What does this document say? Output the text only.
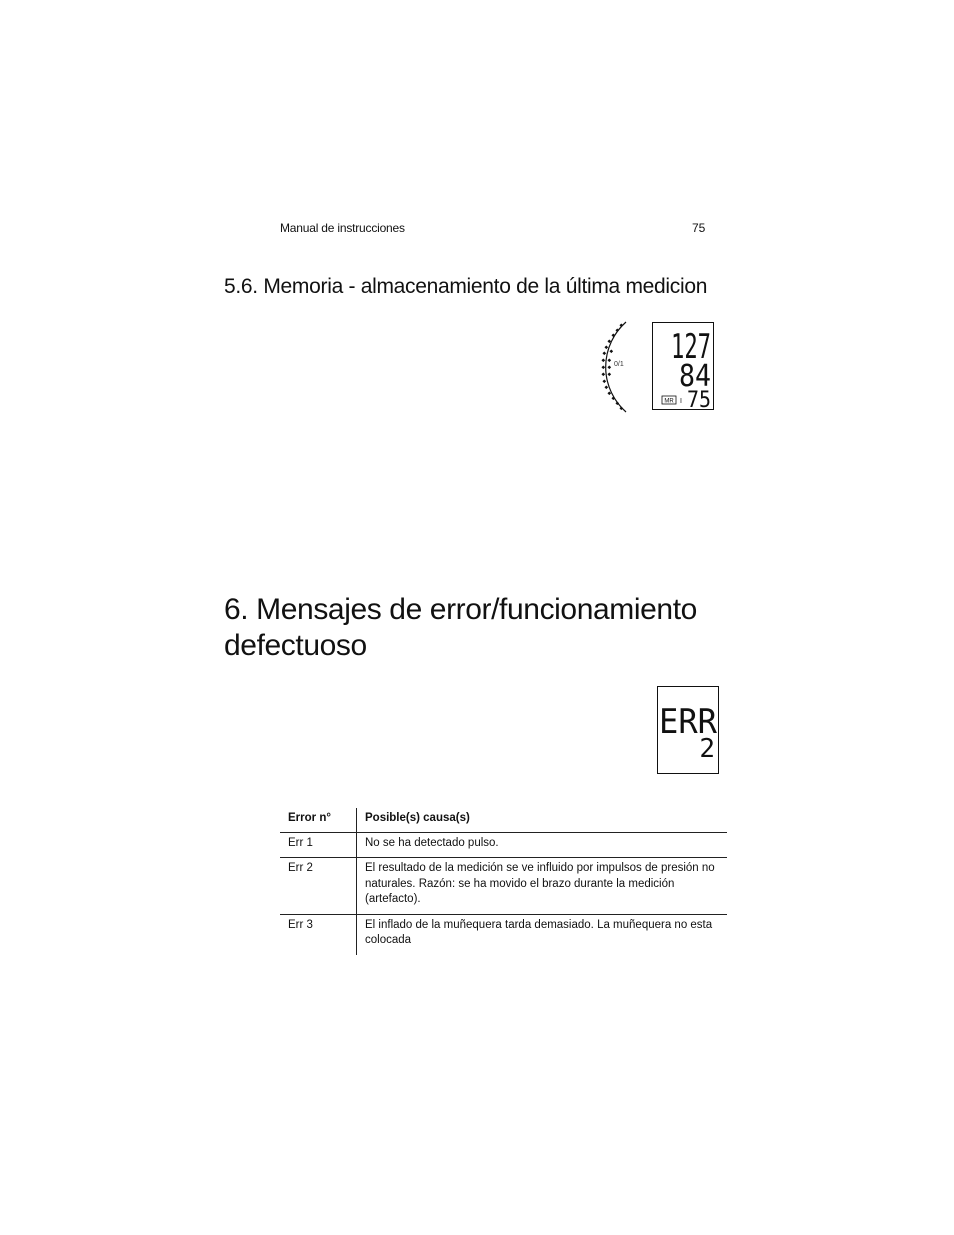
Manual de instrucciones	75
5.6. Memoria - almacenamiento de la última medicion
0/1 127
84
75
MR I
6. Mensajes de error/funcionamiento defectuoso
ERR
2
Error n°	Posible(s) causa(s)
Err 1	No se ha detectado pulso.
Err 2	El resultado de la medición se ve influido por impulsos de presión no naturales. Razón: se ha movido el brazo durante la medición (artefacto).
Err 3	El inflado de la muñequera tarda demasiado. La muñequera no esta colocada
